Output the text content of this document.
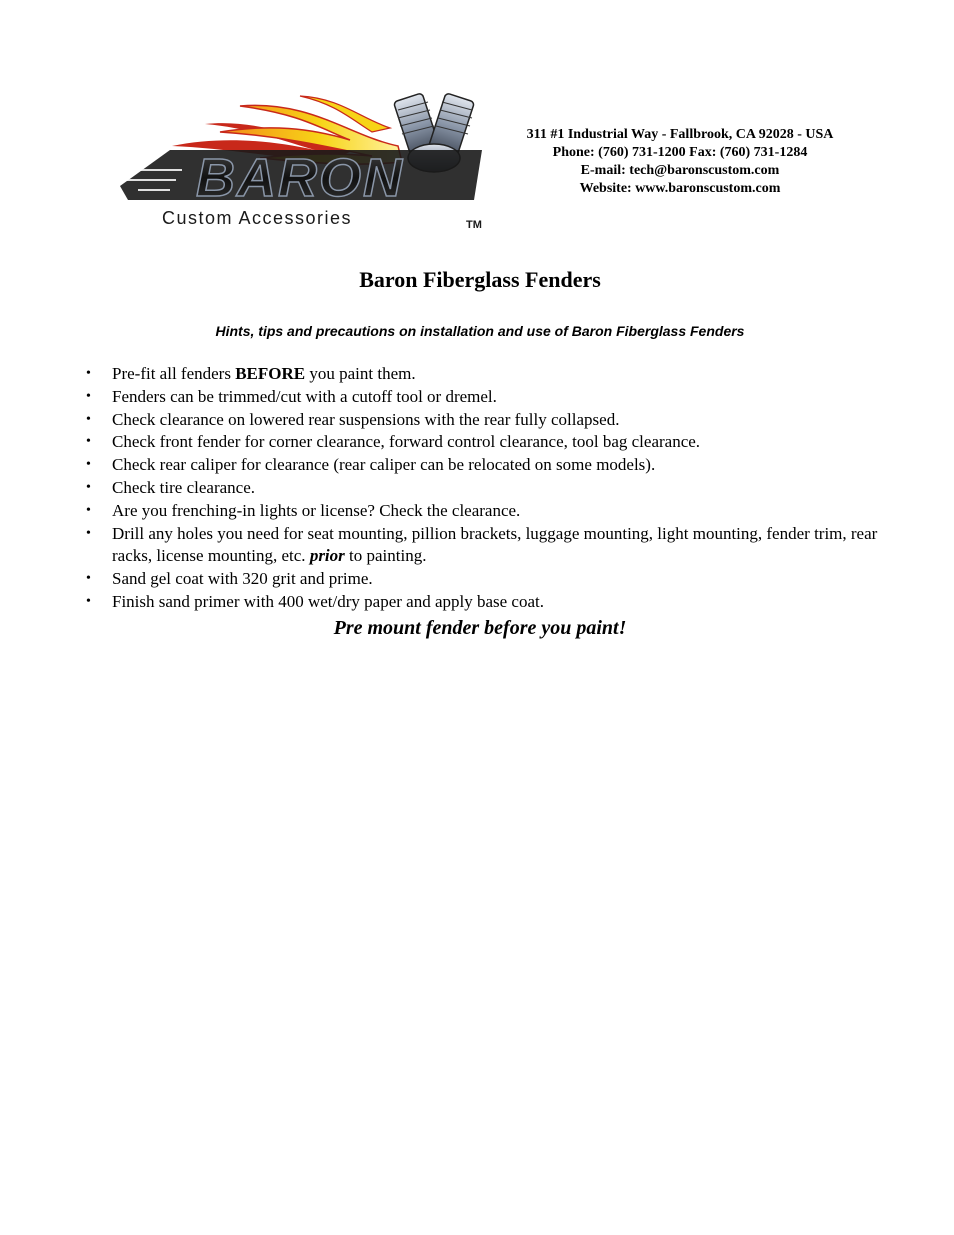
BARON
Custom Accessories	TM
311 #1 Industrial Way - Fallbrook, CA 92028 - USA
Phone: (760) 731-1200 Fax: (760) 731-1284
E-mail: tech@baronscustom.com
Website: www.baronscustom.com
Baron Fiberglass Fenders
Hints, tips and precautions on installation and use of Baron Fiberglass Fenders
• Pre-fit all fenders BEFORE you paint them.
• Fenders can be trimmed/cut with a cutoff tool or dremel.
• Check clearance on lowered rear suspensions with the rear fully collapsed.
• Check front fender for corner clearance, forward control clearance, tool bag clearance.
• Check rear caliper for clearance (rear caliper can be relocated on some models).
• Check tire clearance.
• Are you frenching-in lights or license? Check the clearance.
• Drill any holes you need for seat mounting, pillion brackets, luggage mounting, light mounting, fender trim, rear racks, license mounting, etc. prior to painting.
• Sand gel coat with 320 grit and prime.
• Finish sand primer with 400 wet/dry paper and apply base coat.
Pre mount fender before you paint!
